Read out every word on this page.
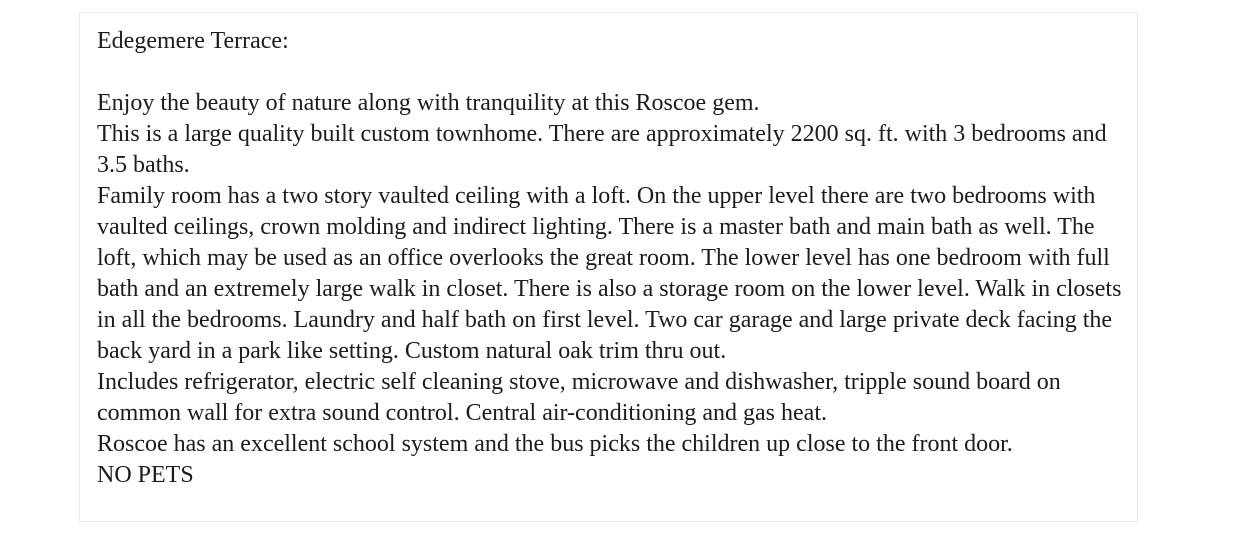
Edegemere Terrace:

Enjoy the beauty of nature along with tranquility at this Roscoe gem.

This is a large quality built custom townhome. There are approximately 2200 sq. ft. with 3 bedrooms and 3.5 baths.

Family room has a two story vaulted ceiling with a loft. On the upper level there are two bedrooms with vaulted ceilings, crown molding and indirect lighting. There is a master bath and main bath as well. The loft, which may be used as an office overlooks the great room. The lower level has one bedroom with full bath and an extremely large walk in closet. There is also a storage room on the lower level. Walk in closets in all the bedrooms. Laundry and half bath on first level. Two car garage and large private deck facing the back yard in a park like setting. Custom natural oak trim thru out.

Includes refrigerator, electric self cleaning stove, microwave and dishwasher, tripple sound board on common wall for extra sound control. Central air-conditioning and gas heat.

Roscoe has an excellent school system and the bus picks the children up close to the front door.

NO PETS
